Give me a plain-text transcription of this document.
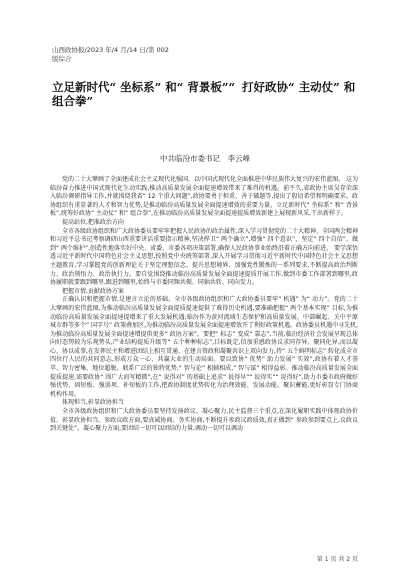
山西政协报/2023 年/4 月/14 日/第 002
版综合
立足新时代“ 坐标系” 和“ 背景板”“ 组合拳”
打好政协“ 主动仗” 和
中共临汾市委书记　李云峰

党的二十大擘画了全面建成社会主义现代化强国、以中国式现代化全面推进中华民族伟大复兴的宏伟蓝图。 这为临汾奋力推进中国式现代化生动实践,推动高质量发展全面提速增效带来了难得的机遇。前不久,省政协主席吴存荣深入临汾调研指导工作,并就围绕我省“ 12 个重大问题”,政协要勇于担重、善于破题等,提出了殷切希望和明确要求。政协组织有重显著的人才和智力优势,是推动临汾高质量发展全面提速增效的重要力量。立足新时代“ 坐标系” 和“ 背景板”,统筹好政协“ 主动仗” 和“ 组合拳”,在推动临汾高质量发展全面提速提质增效新建上展现新风采,干出新样子。

提高站位,把准政治方向

全市各级政协组织和广大政协委员要牢牢把握人民政协的政治属性,深入学习贯彻党的二十大精神、全国两会精神和习近平总书记考察调研山西重要讲话重要指示精神,坚决捍卫“ 两个确立”,增强“ 四个意识”、坚定“ 四个自信”、做到“ 两个维护”,创造性地落实好中央、省委、市委各项决策部署,确保人民政协事业始终沿着正确方向前进。 要学深悟透习近平新时代中国特色社会主义思想,按照党中央统筹部署,深入开展学习贯彻习近平新时代中国特色社会主义思想主题教育,学习掌握党的创新理论关于坚定理想信念、提升思想境界、加强党性锻炼的一系列要求,不断提高政治判断力、政治领悟力、政治执行力。要自觉围绕推动临汾高质量发展全面提速提质开展工作,做到市委工作部署到哪里,政协履职就要跟到哪里,跟进到哪里,始终与市委同频共振、同轴共转、同向发力。

把握市情,贡献政协方案

正确认识和把握市情,是建言立论的基础。全市各级政协组织和广大政协委员要牢“ 机遇” 为“ 动力”。党的二十大擘画的宏伟蓝图,为推动临汾高质量发展全面提质提速提供了难得历史机遇,要准确把握“ 两个基本实现” 目标,为推动临汾高质量发展全面提速提增来了重大发展机遇;临汾作为黄河流域生态保护和高质量发展、中部崛起、关中平原城市群等多个“ 国字号” 政策叠加区,为推动临汾高质量发展全面提速增效开了利好政策机遇。政协委员机遇中寻先机,为推动临汾高质量发展全面提速增提供更多“ 政协方案”。要把“ 标志” 变成“ 靠志”,当前,临汾经济社会发展呈现总体向好态势较为乐观势头,产业结构提质升级等“ 五个种种标志”,目标既定,信加重感政协议求同存异、聚同化异,而以凝心、协以成事,在发挥民主和增进团结上相互贯通、在建言资政和凝聚共识上双向发力,持“ 五个鲜明标志” 转化成全市四位行人民的共同意志,形成万众一心、共赢大业的生动局面。要以致协“ 优势” 助力发展“ 实效”,政协有着人才荟萃、智力密集、地位超脱、联系广泛的独特优势,“ 智与论” 相辅相成,“ 智与谋” 相得益彰。推动临汾高质量发展全面提质提速,需要政协“ 围广大而写精微”,在“ 说得对” 的基础上追求“ 说得早”“ 说得实”“ 说得好”,助力市委市政府做好强优势、固短板、强弱项、补短板的工作,把政协制度优势转化为治理效能、发展动能、聚识蓄能,更好彰显专门协商机构作用。

体现担当,彰显政协担当

全市各级政协组织和广大政协委员要坚持发扬政议、凝心聚力,民主监督三个重点,在深化履职实践中体现政协价值、彰显政协担当。参政议政方面,要真诚协商、务实协商,不断提升参政议政质效,真正做到“ 参政参到要点上,议政议到关键处”。凝心聚力方面,要团结一切可以团结的力量,调动一切可以调动

第 1 页 共 2 页
